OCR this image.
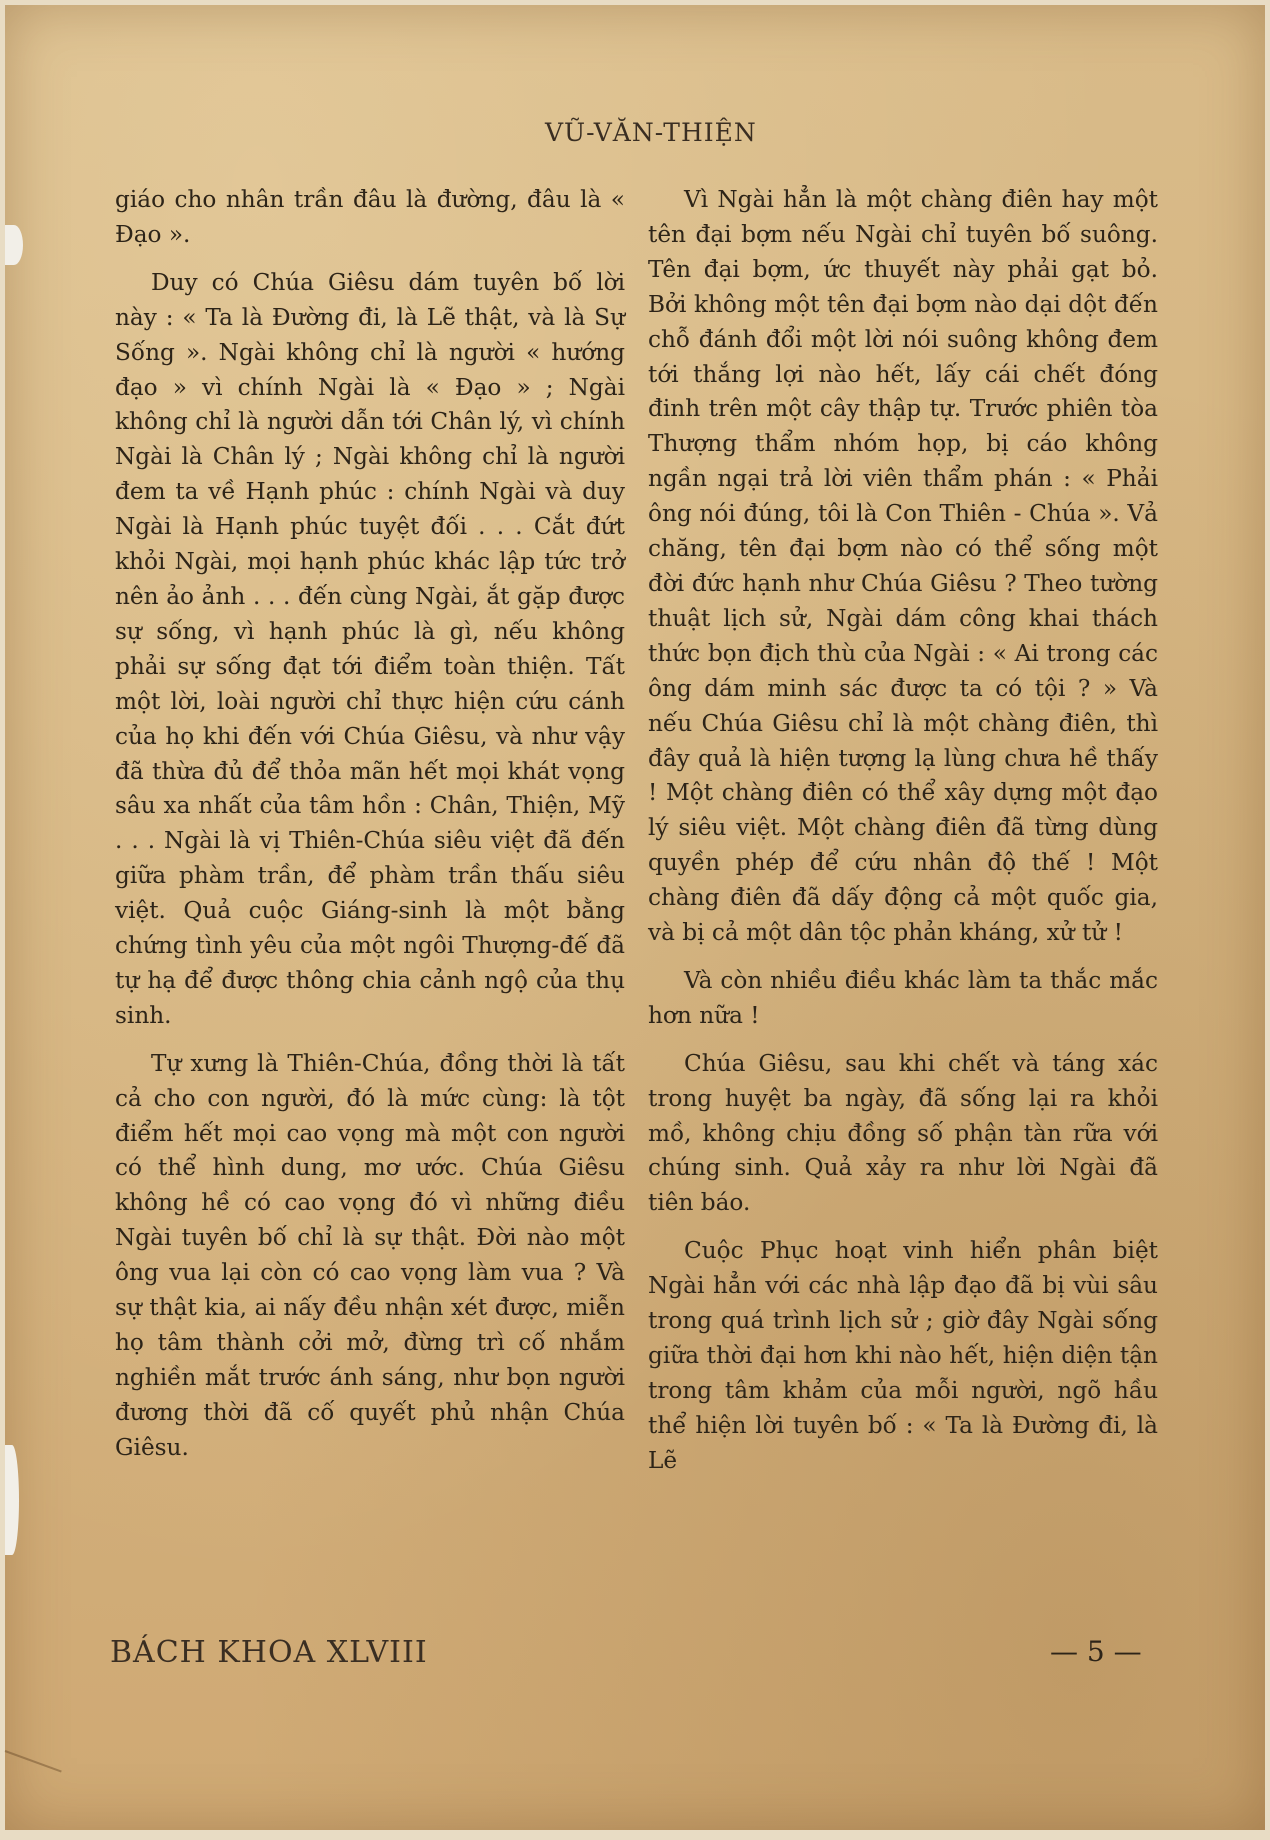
VŨ-VĂN-THIỆN

giáo cho nhân trần đâu là đường, đâu là « Đạo ».

Duy có Chúa Giêsu dám tuyên bố lời này : « Ta là Đường đi, là Lẽ thật, và là Sự Sống ». Ngài không chỉ là người « hướng đạo » vì chính Ngài là « Đạo » ; Ngài không chỉ là người dẫn tới Chân lý, vì chính Ngài là Chân lý ; Ngài không chỉ là người đem ta về Hạnh phúc : chính Ngài và duy Ngài là Hạnh phúc tuyệt đối . . . Cắt đứt khỏi Ngài, mọi hạnh phúc khác lập tức trở nên ảo ảnh . . . đến cùng Ngài, ắt gặp được sự sống, vì hạnh phúc là gì, nếu không phải sự sống đạt tới điểm toàn thiện. Tất một lời, loài người chỉ thực hiện cứu cánh của họ khi đến với Chúa Giêsu, và như vậy đã thừa đủ để thỏa mãn hết mọi khát vọng sâu xa nhất của tâm hồn : Chân, Thiện, Mỹ . . . Ngài là vị Thiên-Chúa siêu việt đã đến giữa phàm trần, để phàm trần thấu siêu việt. Quả cuộc Giáng-sinh là một bằng chứng tình yêu của một ngôi Thượng-đế đã tự hạ để được thông chia cảnh ngộ của thụ sinh.

Tự xưng là Thiên-Chúa, đồng thời là tất cả cho con người, đó là mức cùng: là tột điểm hết mọi cao vọng mà một con người có thể hình dung, mơ ước. Chúa Giêsu không hề có cao vọng đó vì những điều Ngài tuyên bố chỉ là sự thật. Đời nào một ông vua lại còn có cao vọng làm vua ? Và sự thật kia, ai nấy đều nhận xét được, miễn họ tâm thành cởi mở, đừng trì cố nhắm nghiền mắt trước ánh sáng, như bọn người đương thời đã cố quyết phủ nhận Chúa Giêsu.

Vì Ngài hẳn là một chàng điên hay một tên đại bợm nếu Ngài chỉ tuyên bố suông. Tên đại bợm, ức thuyết này phải gạt bỏ. Bởi không một tên đại bợm nào dại dột đến chỗ đánh đổi một lời nói suông không đem tới thắng lợi nào hết, lấy cái chết đóng đinh trên một cây thập tự. Trước phiên tòa Thượng thẩm nhóm họp, bị cáo không ngần ngại trả lời viên thẩm phán : « Phải ông nói đúng, tôi là Con Thiên - Chúa ». Vả chăng, tên đại bợm nào có thể sống một đời đức hạnh như Chúa Giêsu ? Theo tường thuật lịch sử, Ngài dám công khai thách thức bọn địch thù của Ngài : « Ai trong các ông dám minh sác được ta có tội ? » Và nếu Chúa Giêsu chỉ là một chàng điên, thì đây quả là hiện tượng lạ lùng chưa hề thấy ! Một chàng điên có thể xây dựng một đạo lý siêu việt. Một chàng điên đã từng dùng quyền phép để cứu nhân độ thế ! Một chàng điên đã dấy động cả một quốc gia, và bị cả một dân tộc phản kháng, xử tử !

Và còn nhiều điều khác làm ta thắc mắc hơn nữa !

Chúa Giêsu, sau khi chết và táng xác trong huyệt ba ngày, đã sống lại ra khỏi mồ, không chịu đồng số phận tàn rữa với chúng sinh. Quả xảy ra như lời Ngài đã tiên báo.

Cuộc Phục hoạt vinh hiển phân biệt Ngài hẳn với các nhà lập đạo đã bị vùi sâu trong quá trình lịch sử ; giờ đây Ngài sống giữa thời đại hơn khi nào hết, hiện diện tận trong tâm khảm của mỗi người, ngõ hầu thể hiện lời tuyên bố : « Ta là Đường đi, là Lẽ

BÁCH KHOA XLVIII	— 5 —
